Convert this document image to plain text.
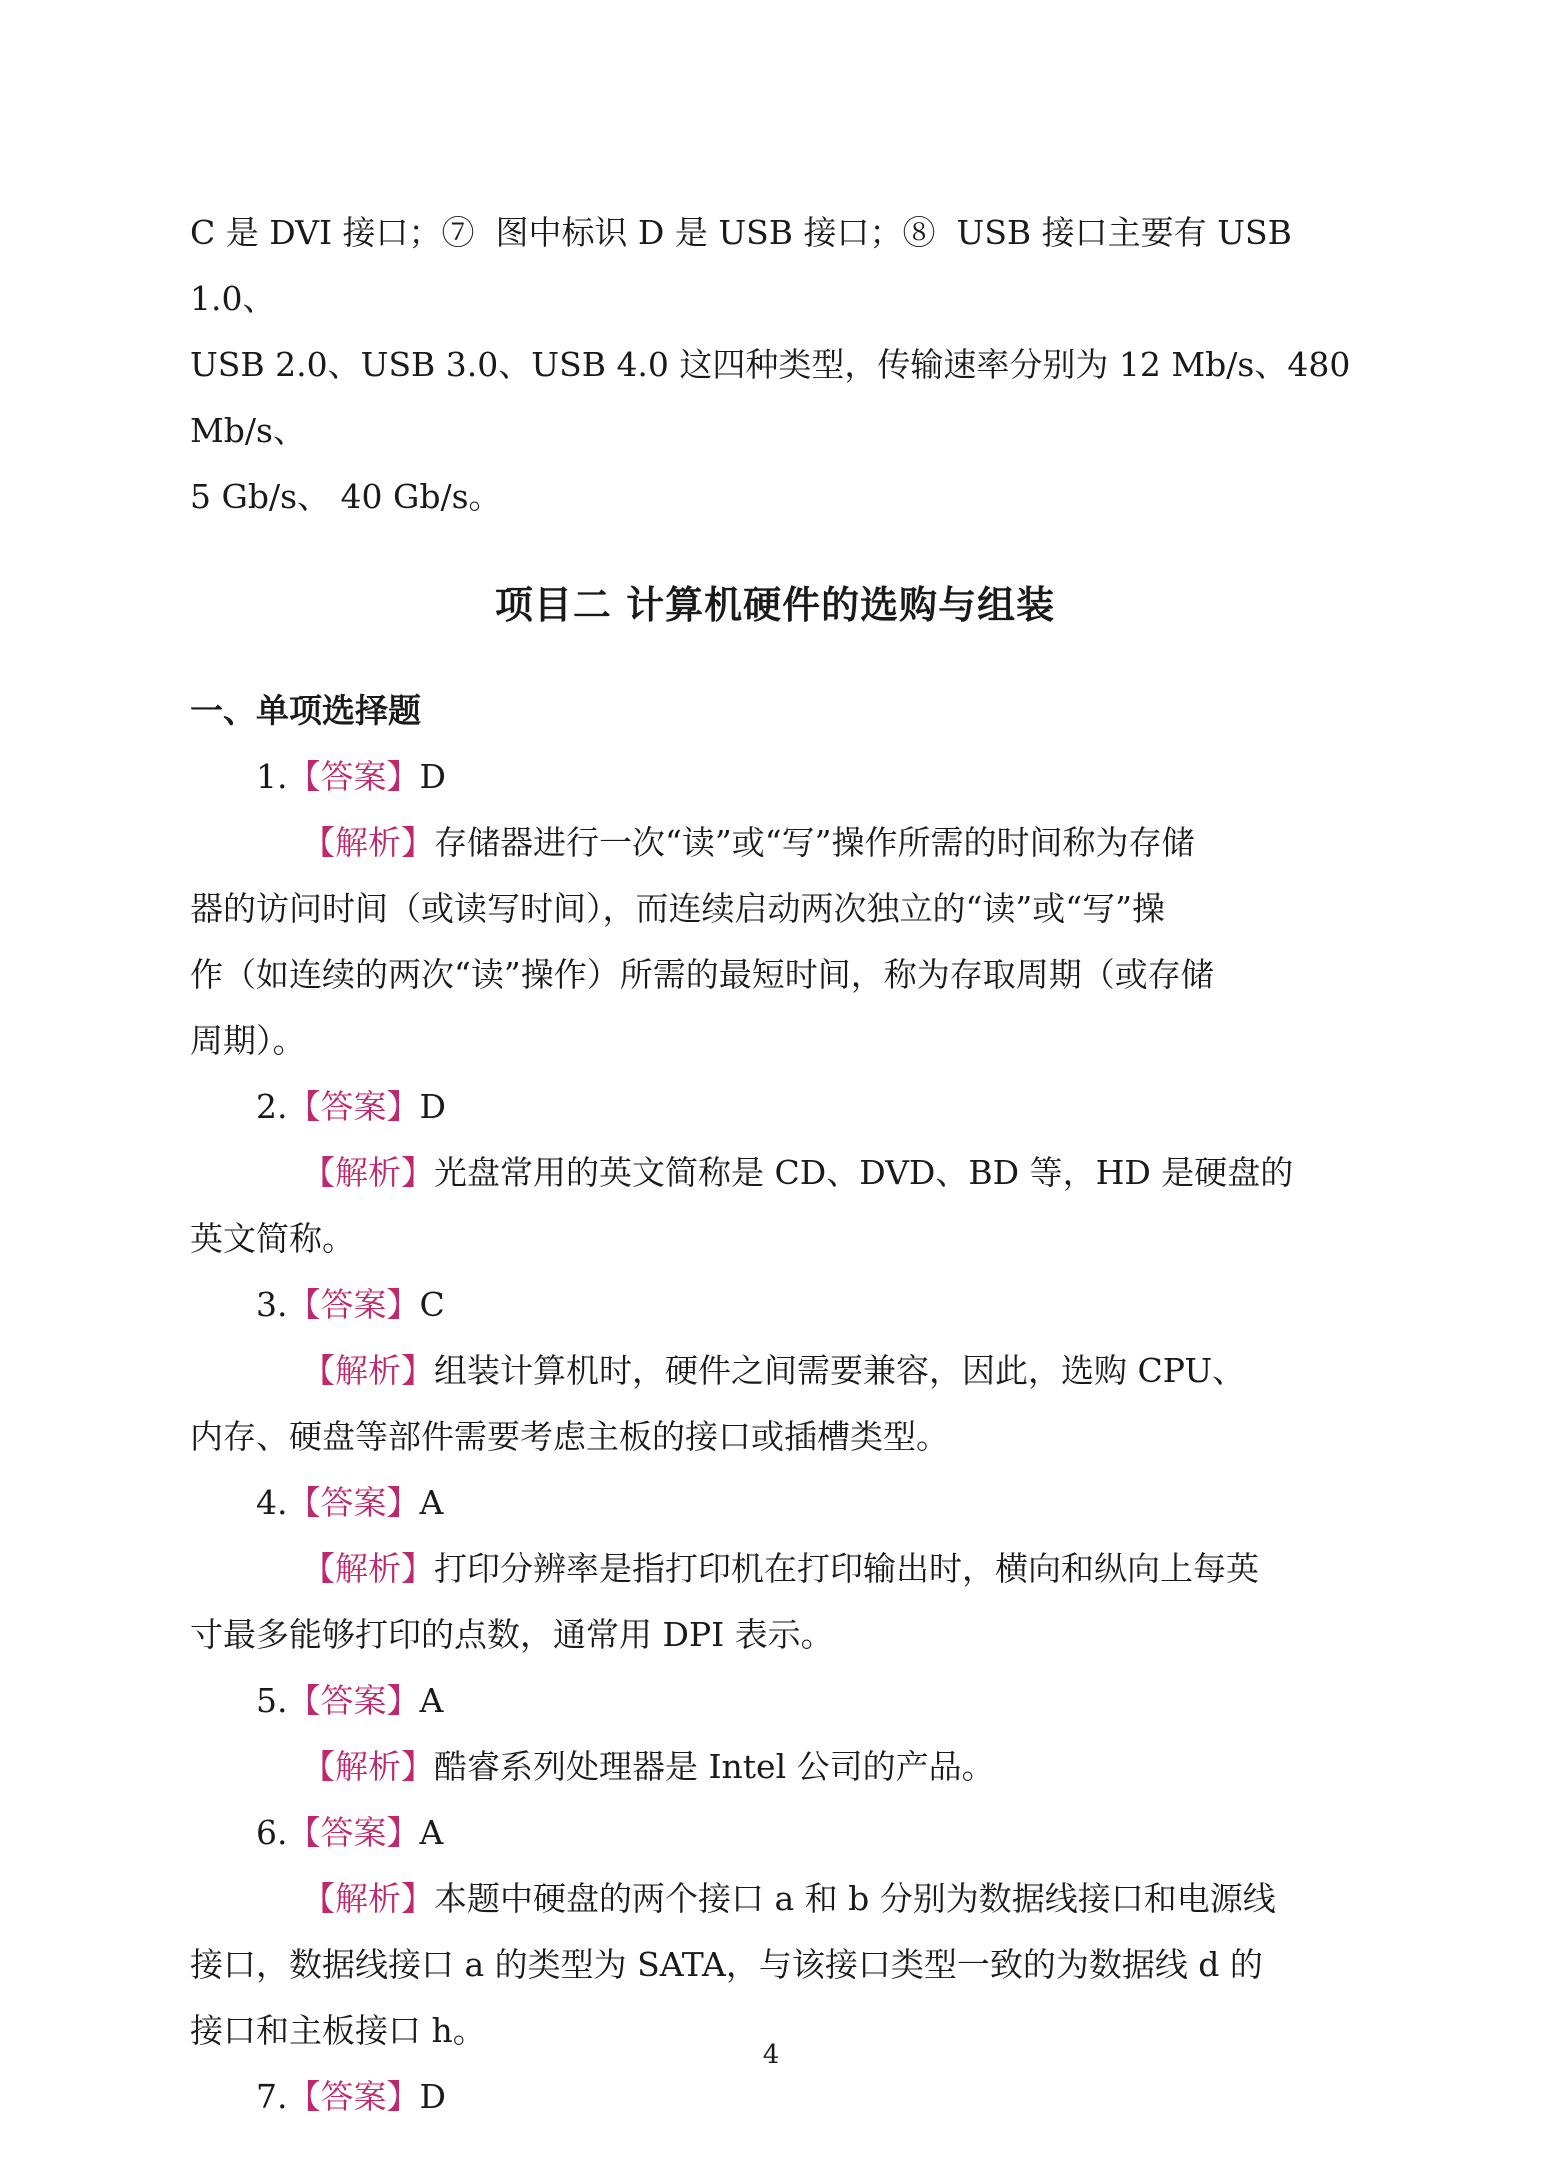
C 是 DVI 接口；⑦  图中标识 D 是 USB 接口；⑧  USB 接口主要有 USB 1.0、

USB 2.0、USB 3.0、USB 4.0 这四种类型，传输速率分别为 12 Mb/s、480 Mb/s、

5 Gb/s、 40 Gb/s。

项目二 计算机硬件的选购与组装
一、单项选择题

1.【答案】D

【解析】存储器进行一次“读”或“写”操作所需的时间称为存储

器的访问时间（或读写时间），而连续启动两次独立的“读”或“写”操

作（如连续的两次“读”操作）所需的最短时间，称为存取周期（或存储

周期）。

2.【答案】D

【解析】光盘常用的英文简称是 CD、DVD、BD 等，HD 是硬盘的

英文简称。

3.【答案】C

【解析】组装计算机时，硬件之间需要兼容，因此，选购 CPU、

内存、硬盘等部件需要考虑主板的接口或插槽类型。

4.【答案】A

【解析】打印分辨率是指打印机在打印输出时，横向和纵向上每英

寸最多能够打印的点数，通常用 DPI 表示。

5.【答案】A

【解析】酷睿系列处理器是 Intel 公司的产品。

6.【答案】A

【解析】本题中硬盘的两个接口 a 和 b 分别为数据线接口和电源线

接口，数据线接口 a 的类型为 SATA，与该接口类型一致的为数据线 d 的

接口和主板接口 h。

7.【答案】D

4
